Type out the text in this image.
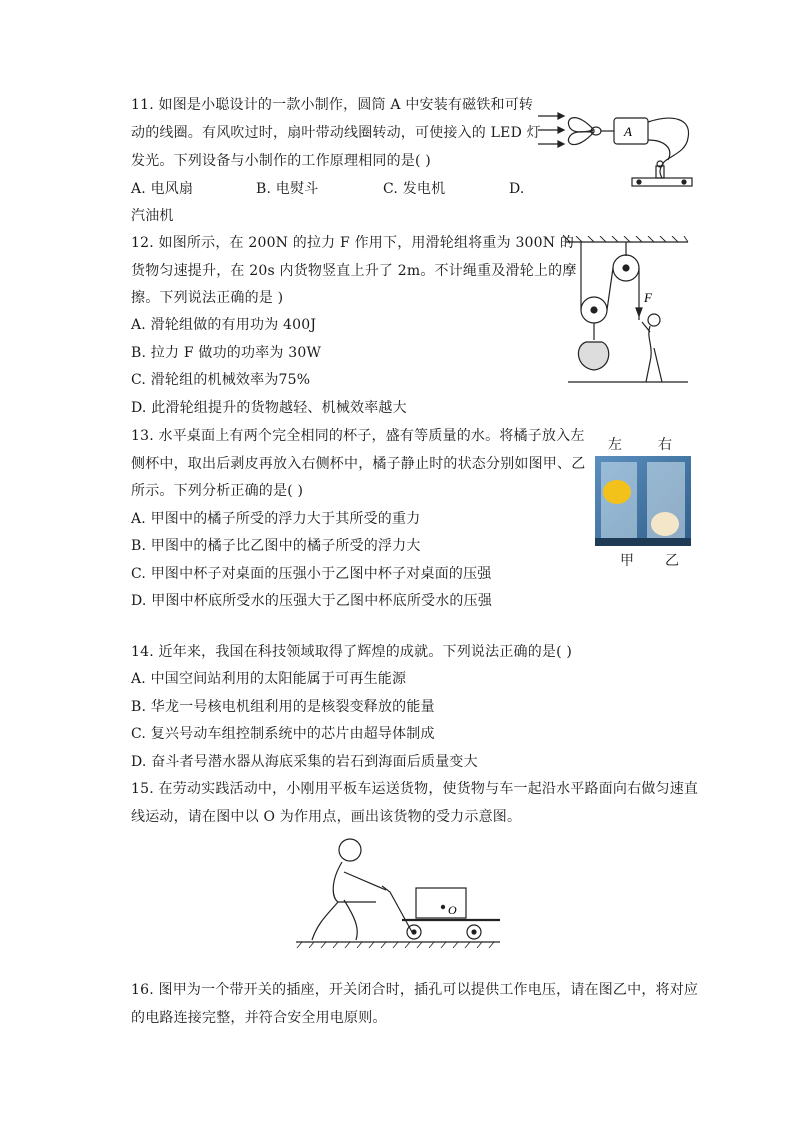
11. 如图是小聪设计的一款小制作，圆筒 A 中安装有磁铁和可转
动的线圈。有风吹过时，扇叶带动线圈转动，可使接入的 LED 灯
发光。下列设备与小制作的工作原理相同的是( )
A. 电风扇	B. 电熨斗	C. 发电机	D.
汽油机
A
12. 如图所示，在 200N 的拉力 F 作用下，用滑轮组将重为 300N 的
货物匀速提升，在 20s 内货物竖直上升了 2m。不计绳重及滑轮上的摩
擦。下列说法正确的是 )
A. 滑轮组做的有用功为 400J
B. 拉力 F 做功的功率为 30W
C. 滑轮组的机械效率为75%
D. 此滑轮组提升的货物越轻、机械效率越大
F
13. 水平桌面上有两个完全相同的杯子，盛有等质量的水。将橘子放入左
侧杯中，取出后剥皮再放入右侧杯中，橘子静止时的状态分别如图甲、乙
所示。下列分析正确的是( )
A. 甲图中的橘子所受的浮力大于其所受的重力
B. 甲图中的橘子比乙图中的橘子所受的浮力大
C. 甲图中杯子对桌面的压强小于乙图中杯子对桌面的压强
D. 甲图中杯底所受水的压强大于乙图中杯底所受水的压强
左	右
甲 乙
14. 近年来，我国在科技领域取得了辉煌的成就。下列说法正确的是( )
A. 中国空间站利用的太阳能属于可再生能源
B. 华龙一号核电机组利用的是核裂变释放的能量
C. 复兴号动车组控制系统中的芯片由超导体制成
D. 奋斗者号潜水器从海底采集的岩石到海面后质量变大
15. 在劳动实践活动中，小刚用平板车运送货物，使货物与车一起沿水平路面向右做匀速直
线运动，请在图中以 O 为作用点，画出该货物的受力示意图。
O
16. 图甲为一个带开关的插座，开关闭合时，插孔可以提供工作电压，请在图乙中，将对应
的电路连接完整，并符合安全用电原则。
